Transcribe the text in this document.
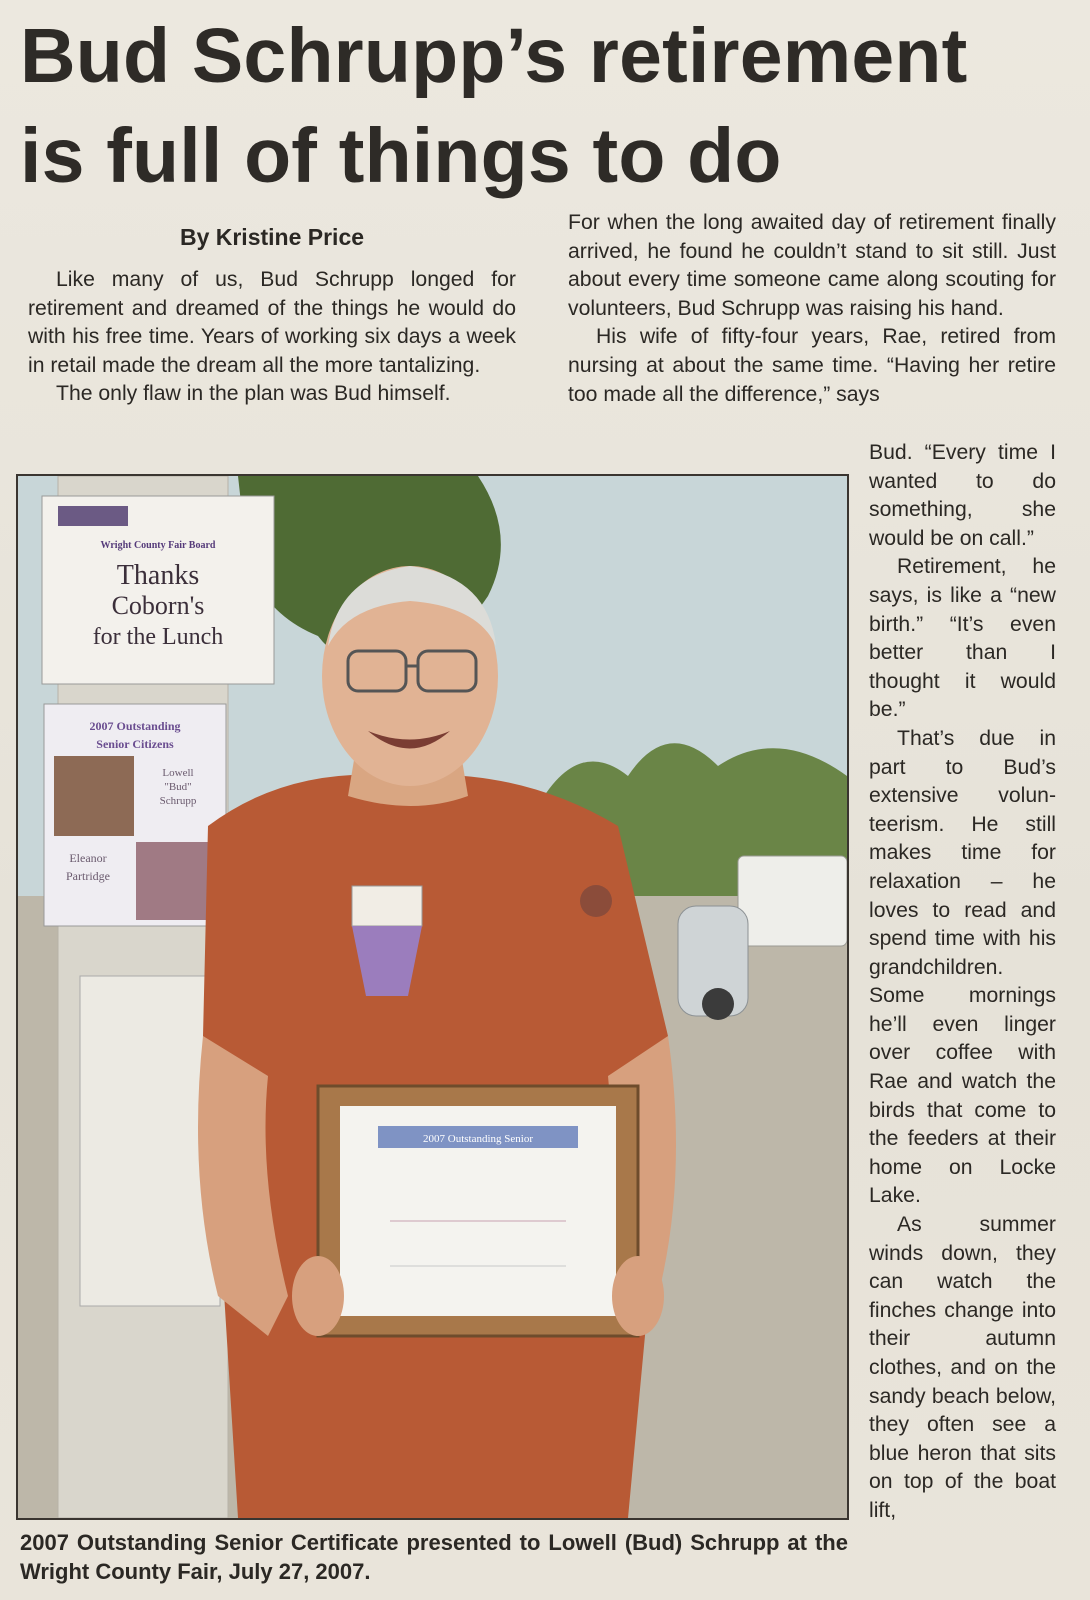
Bud Schrupp’s retirement
is full of things to do
By Kristine Price

Like many of us, Bud Schrupp longed for retirement and dreamed of the things he would do with his free time. Years of working six days a week in retail made the dream all the more tantalizing.

The only flaw in the plan was Bud himself.

For when the long awaited day of retirement finally arrived, he found he couldn’t stand to sit still. Just about every time someone came along scouting for volunteers, Bud Schrupp was raising his hand.

His wife of fifty-four years, Rae, retired from nursing at about the same time. “Having her retire too made all the difference,” says

Bud. “Every time I wanted to do something, she would be on call.”

Retirement, he says, is like a “new birth.” “It’s even better than I thought it would be.”

That’s due in part to Bud’s extensive volunteerism. He still makes time for relaxation – he loves to read and spend time with his grandchildren. Some mornings he’ll even linger over coffee with Rae and watch the birds that come to the feeders at their home on Locke Lake.

As summer winds down, they can watch the finches change into their autumn clothes, and on the sandy beach below, they often see a blue heron that sits on top of the boat lift,

Wright County Fair Board
Thanks
Coborn's
for the Lunch
2007 Outstanding
Senior Citizens
Lowell
"Bud"
Schrupp
Eleanor
Partridge
2007 Outstanding Senior
2007 Outstanding Senior Certificate presented to Lowell (Bud) Schrupp at the Wright County Fair, July 27, 2007.
